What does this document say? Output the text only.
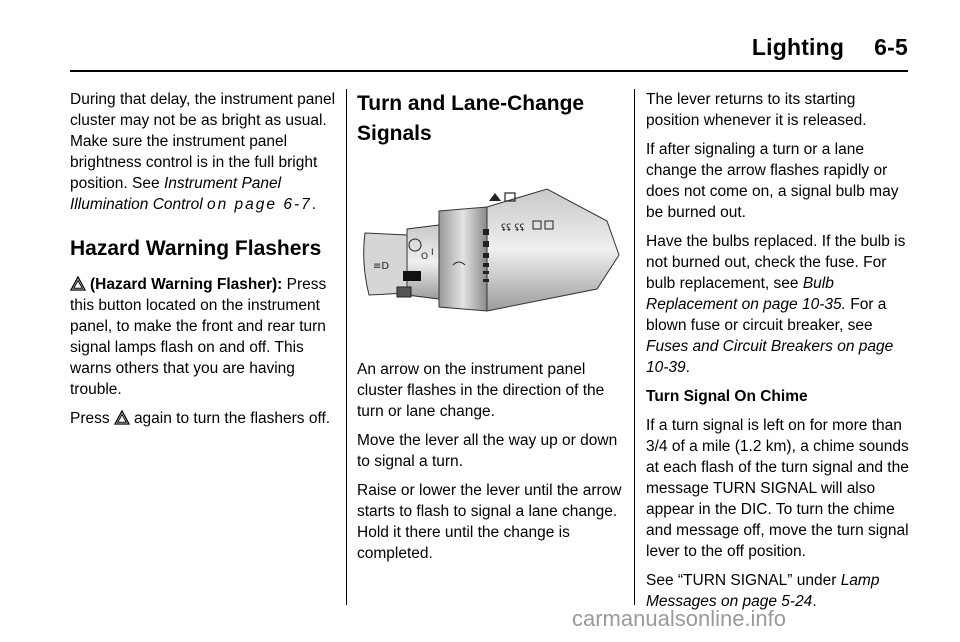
Lighting 6-5

During that delay, the instrument panel cluster may not be as bright as usual. Make sure the instrument panel brightness control is in the full bright position. See Instrument Panel Illumination Control on page 6-7.

Hazard Warning Flashers

(Hazard Warning Flasher): Press this button located on the instrument panel, to make the front and rear turn signal lamps flash on and off. This warns others that you are having trouble.

Press again to turn the flashers off.

Turn and Lane-Change Signals
ʢʢ ʢʢ
≡D
O I

An arrow on the instrument panel cluster flashes in the direction of the turn or lane change.

Move the lever all the way up or down to signal a turn.

Raise or lower the lever until the arrow starts to flash to signal a lane change. Hold it there until the change is completed.

The lever returns to its starting position whenever it is released.

If after signaling a turn or a lane change the arrow flashes rapidly or does not come on, a signal bulb may be burned out.

Have the bulbs replaced. If the bulb is not burned out, check the fuse. For bulb replacement, see Bulb Replacement on page 10-35. For a blown fuse or circuit breaker, see Fuses and Circuit Breakers on page 10-39.

Turn Signal On Chime

If a turn signal is left on for more than 3/4 of a mile (1.2 km), a chime sounds at each flash of the turn signal and the message TURN SIGNAL will also appear in the DIC. To turn the chime and message off, move the turn signal lever to the off position.

See “TURN SIGNAL” under Lamp Messages on page 5-24.

carmanualsonline.info
